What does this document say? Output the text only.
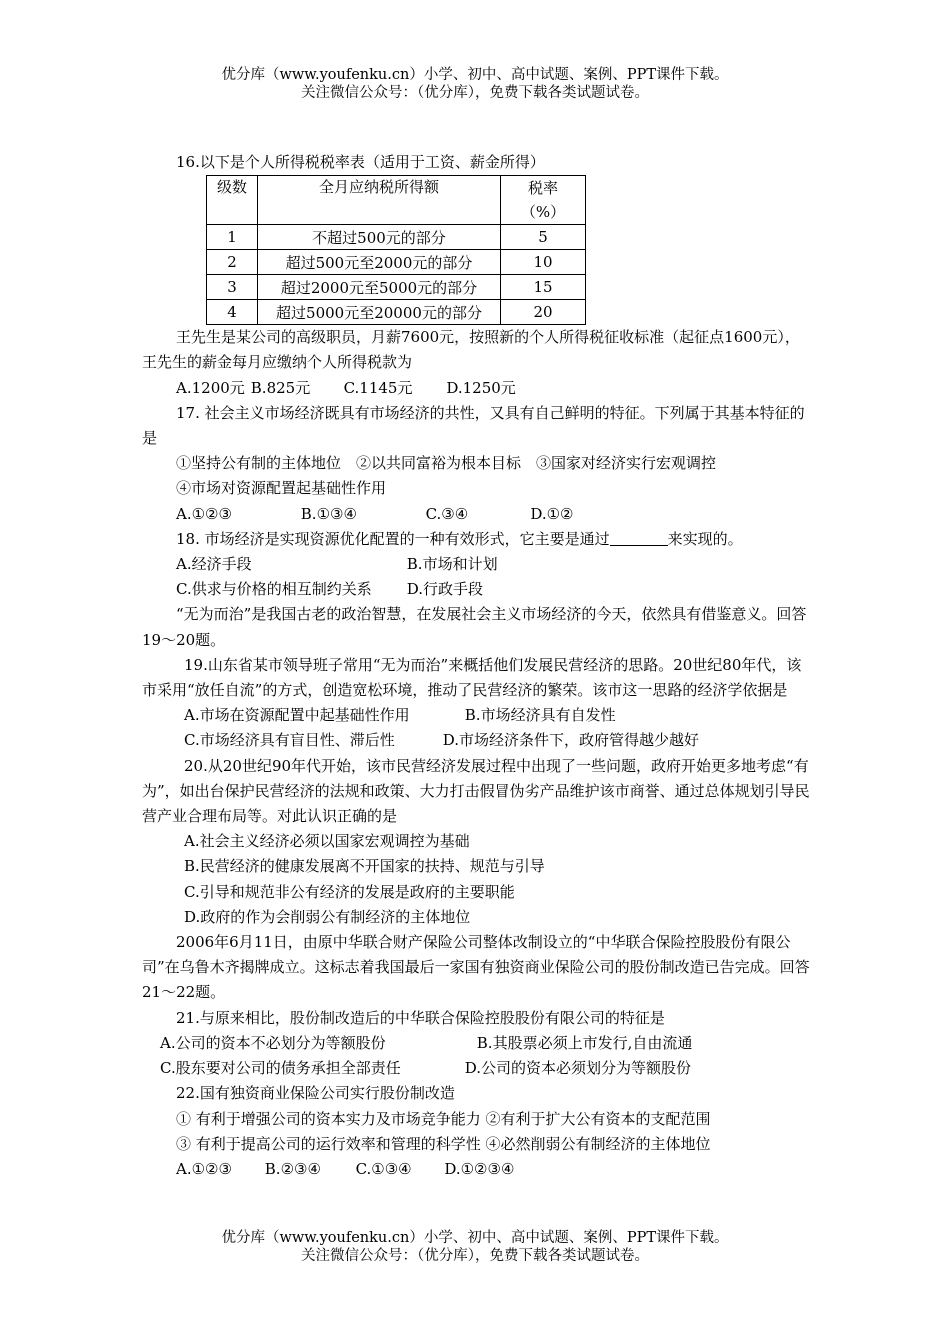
优分库（www.youfenku.cn）小学、初中、高中试题、案例、PPT课件下载。
关注微信公众号：（优分库），免费下载各类试题试卷。
16.以下是个人所得税税率表（适用于工资、薪金所得）
级数	全月应纳税所得额	税率
（%）

1	不超过500元的部分	5
2	超过500元至2000元的部分	10
3	超过2000元至5000元的部分	15
4	超过5000元至20000元的部分	20
王先生是某公司的高级职员，月薪7600元，按照新的个人所得税征收标准（起征点1600元），王先生的薪金每月应缴纳个人所得税款为
A.1200元 B.825元 C.1145元 D.1250元
17. 社会主义市场经济既具有市场经济的共性，又具有自己鲜明的特征。下列属于其基本特征的是
①坚持公有制的主体地位　②以共同富裕为根本目标　③国家对经济实行宏观调控
④市场对资源配置起基础性作用
A.①②③	B.①③④	C.③④	D.①②
18. 市场经济是实现资源优化配置的一种有效形式，它主要是通过	来实现的。
A.经济手段	B.市场和计划
C.供求与价格的相互制约关系 D.行政手段
“无为而治”是我国古老的政治智慧，在发展社会主义市场经济的今天，依然具有借鉴意义。回答19～20题。
19.山东省某市领导班子常用“无为而治”来概括他们发展民营经济的思路。20世纪80年代，该市采用“放任自流”的方式，创造宽松环境，推动了民营经济的繁荣。该市这一思路的经济学依据是
A.市场在资源配置中起基础性作用	B.市场经济具有自发性
C.市场经济具有盲目性、滞后性	D.市场经济条件下，政府管得越少越好
20.从20世纪90年代开始，该市民营经济发展过程中出现了一些问题，政府开始更多地考虑“有为”，如出台保护民营经济的法规和政策、大力打击假冒伪劣产品维护该市商誉、通过总体规划引导民营产业合理布局等。对此认识正确的是
A.社会主义经济必须以国家宏观调控为基础
B.民营经济的健康发展离不开国家的扶持、规范与引导
C.引导和规范非公有经济的发展是政府的主要职能
D.政府的作为会削弱公有制经济的主体地位
2006年6月11日，由原中华联合财产保险公司整体改制设立的“中华联合保险控股股份有限公司”在乌鲁木齐揭牌成立。这标志着我国最后一家国有独资商业保险公司的股份制改造已告完成。回答21～22题。
21.与原来相比，股份制改造后的中华联合保险控股股份有限公司的特征是
A.公司的资本不必划分为等额股份	B.其股票必须上市发行,自由流通
C.股东要对公司的债务承担全部责任	D.公司的资本必须划分为等额股份
22.国有独资商业保险公司实行股份制改造
① 有利于增强公司的资本实力及市场竞争能力 ②有利于扩大公有资本的支配范围
③ 有利于提高公司的运行效率和管理的科学性 ④必然削弱公有制经济的主体地位
A.①②③ B.②③④ C.①③④ D.①②③④
优分库（www.youfenku.cn）小学、初中、高中试题、案例、PPT课件下载。
关注微信公众号：（优分库），免费下载各类试题试卷。
